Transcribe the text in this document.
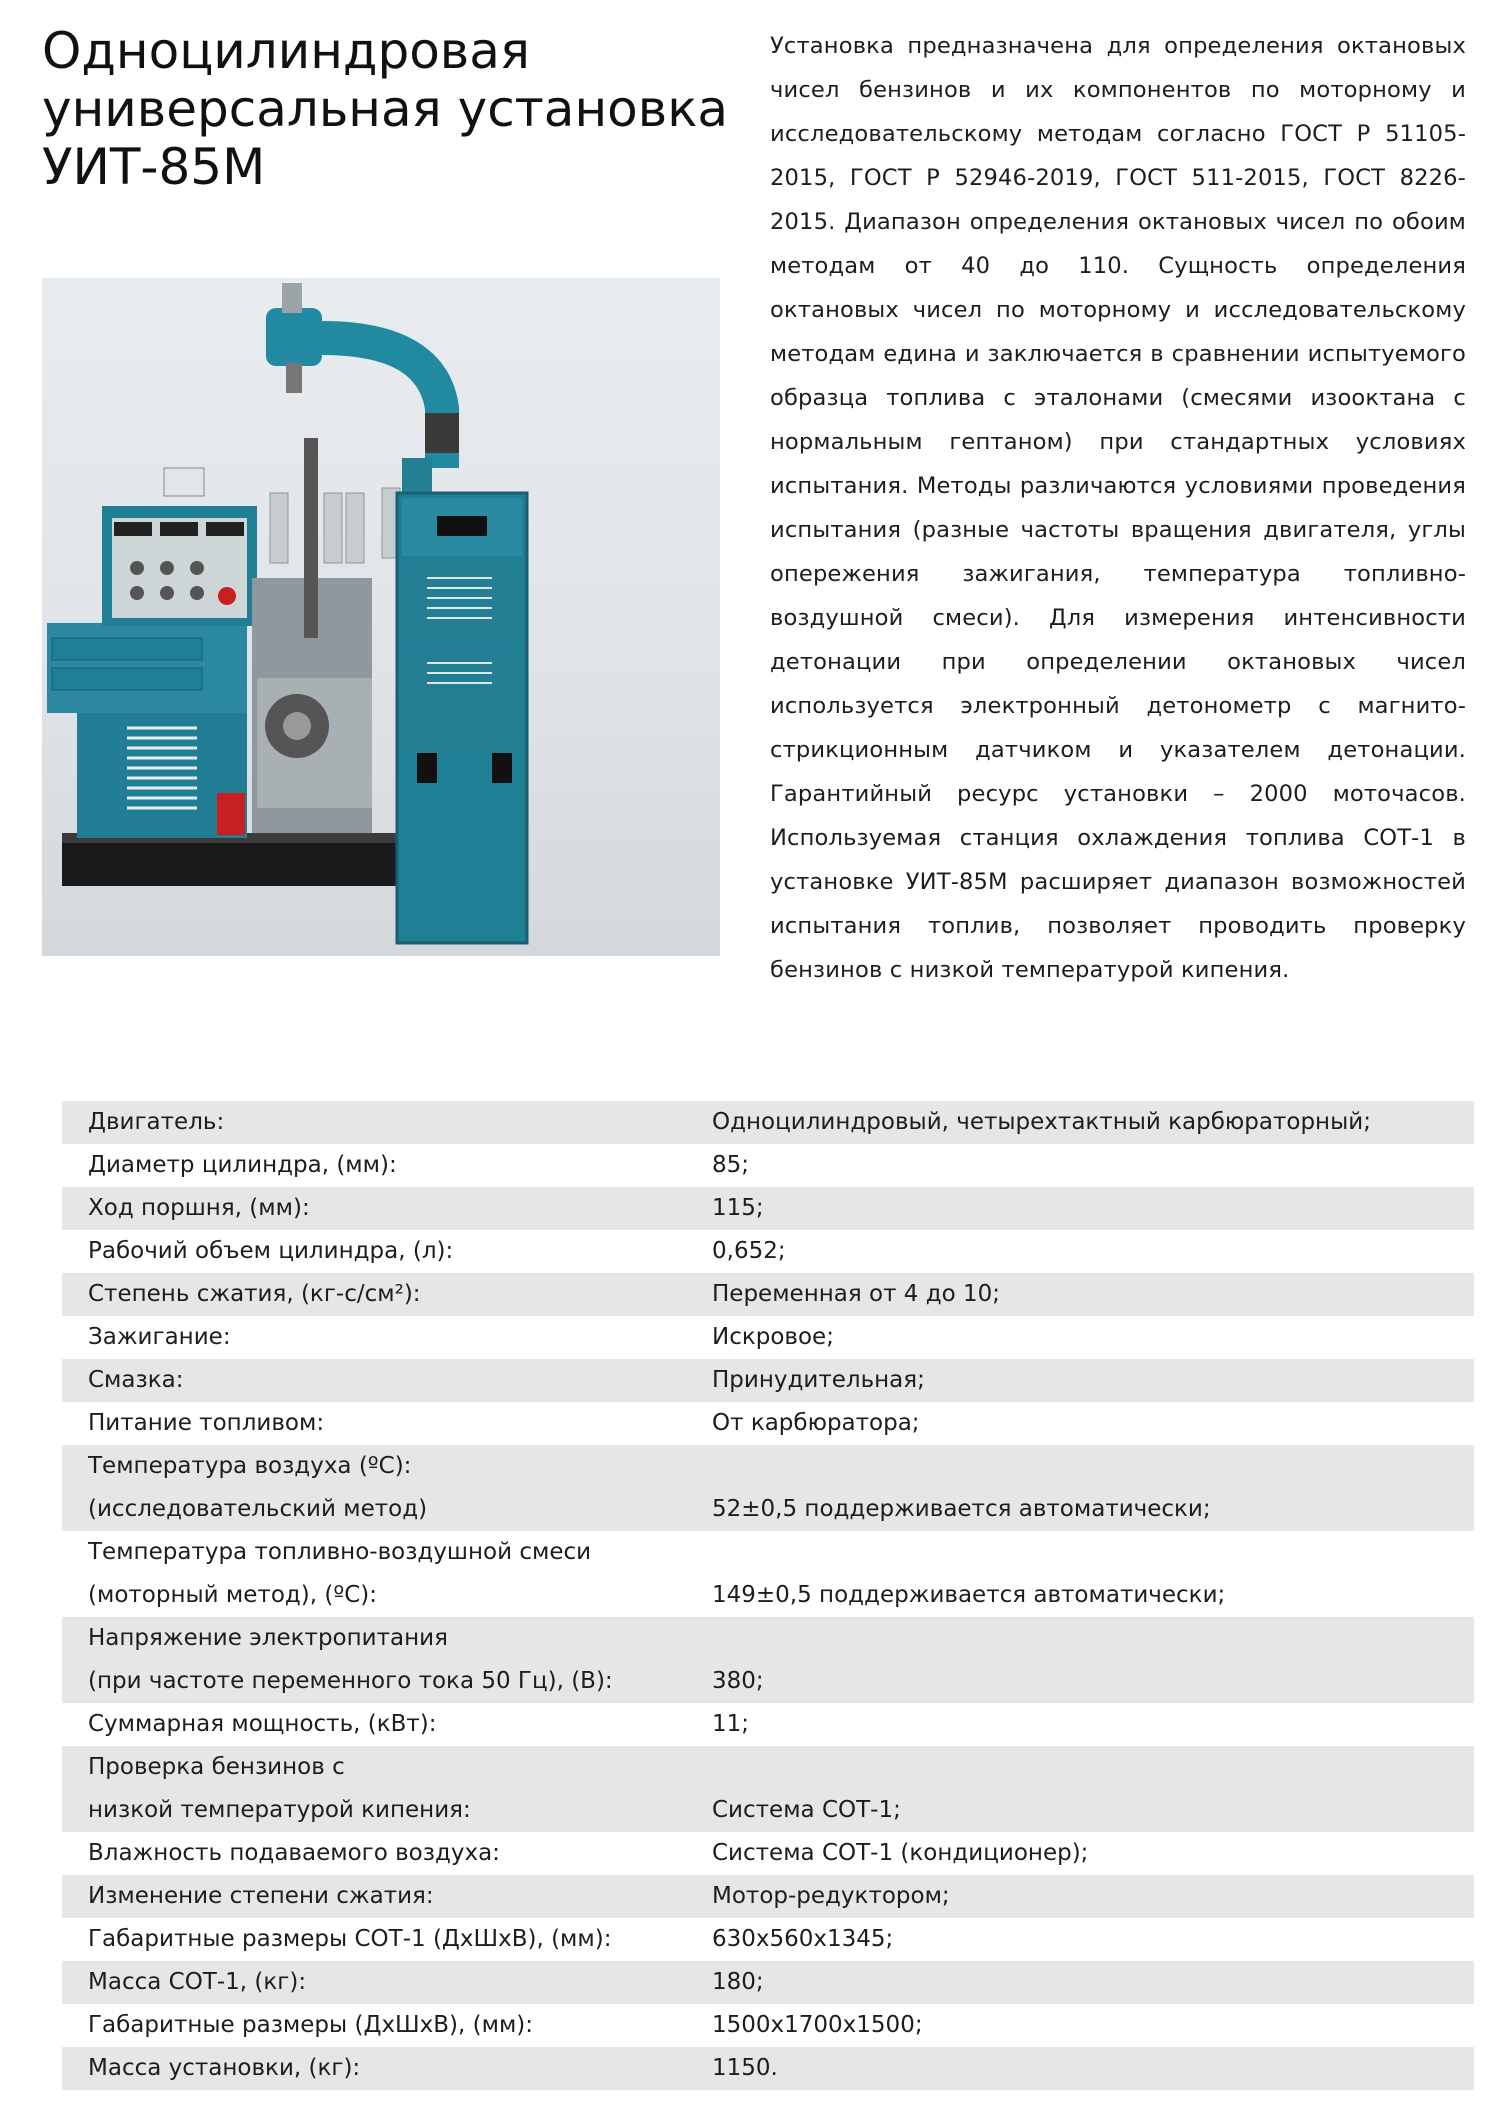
Одноцилиндровая
универсальная установка
УИТ-85М

Установка предназначена для определения октановых чисел бензинов и их компонентов по моторному и исследовательскому методам согласно ГОСТ Р 51105-2015, ГОСТ Р 52946-2019, ГОСТ 511-2015, ГОСТ 8226-2015. Диапазон определения октановых чисел по обоим методам от 40 до 110. Сущность определения октановых чисел по моторному и исследовательскому методам едина и заключается в сравнении испытуемого образца топлива с эталонами (смесями изооктана с нормальным гептаном) при стандартных условиях испытания. Методы различаются условиями проведения испытания (разные частоты вращения двигателя, углы опережения зажигания, температура топливно-воздушной смеси). Для измерения интенсивности детонации при определении октановых чисел используется электронный детонометр с магнито-стрикционным датчиком и указателем детонации. Гарантийный ресурс установки – 2000 моточасов. Используемая станция охлаждения топлива СОТ-1 в установке УИТ-85М расширяет диапазон возможностей испытания топлив, позволяет проводить проверку бензинов с низкой температурой кипения.

Двигатель:	Одноцилиндровый, четырехтактный карбюраторный;
Диаметр цилиндра, (мм):	85;
Ход поршня, (мм):	115;
Рабочий объем цилиндра, (л):	0,652;
Степень сжатия, (кг-с/см²):	Переменная от 4 до 10;
Зажигание:	Искровое;
Смазка:	Принудительная;
Питание топливом:	От карбюратора;
Температура воздуха (ºС):
(исследовательский метод)	52±0,5 поддерживается автоматически;
Температура топливно-воздушной смеси
(моторный метод), (ºС):	149±0,5 поддерживается автоматически;
Напряжение электропитания
(при частоте переменного тока 50 Гц), (В):	380;
Суммарная мощность, (кВт):	11;
Проверка бензинов с
низкой температурой кипения:	Система СОТ-1;
Влажность подаваемого воздуха:	Система СОТ-1 (кондиционер);
Изменение степени сжатия:	Мотор-редуктором;
Габаритные размеры СОТ-1 (ДхШхВ), (мм):	630х560х1345;
Масса СОТ-1, (кг):	180;
Габаритные размеры (ДхШхВ), (мм):	1500х1700х1500;
Масса установки, (кг):	1150.
